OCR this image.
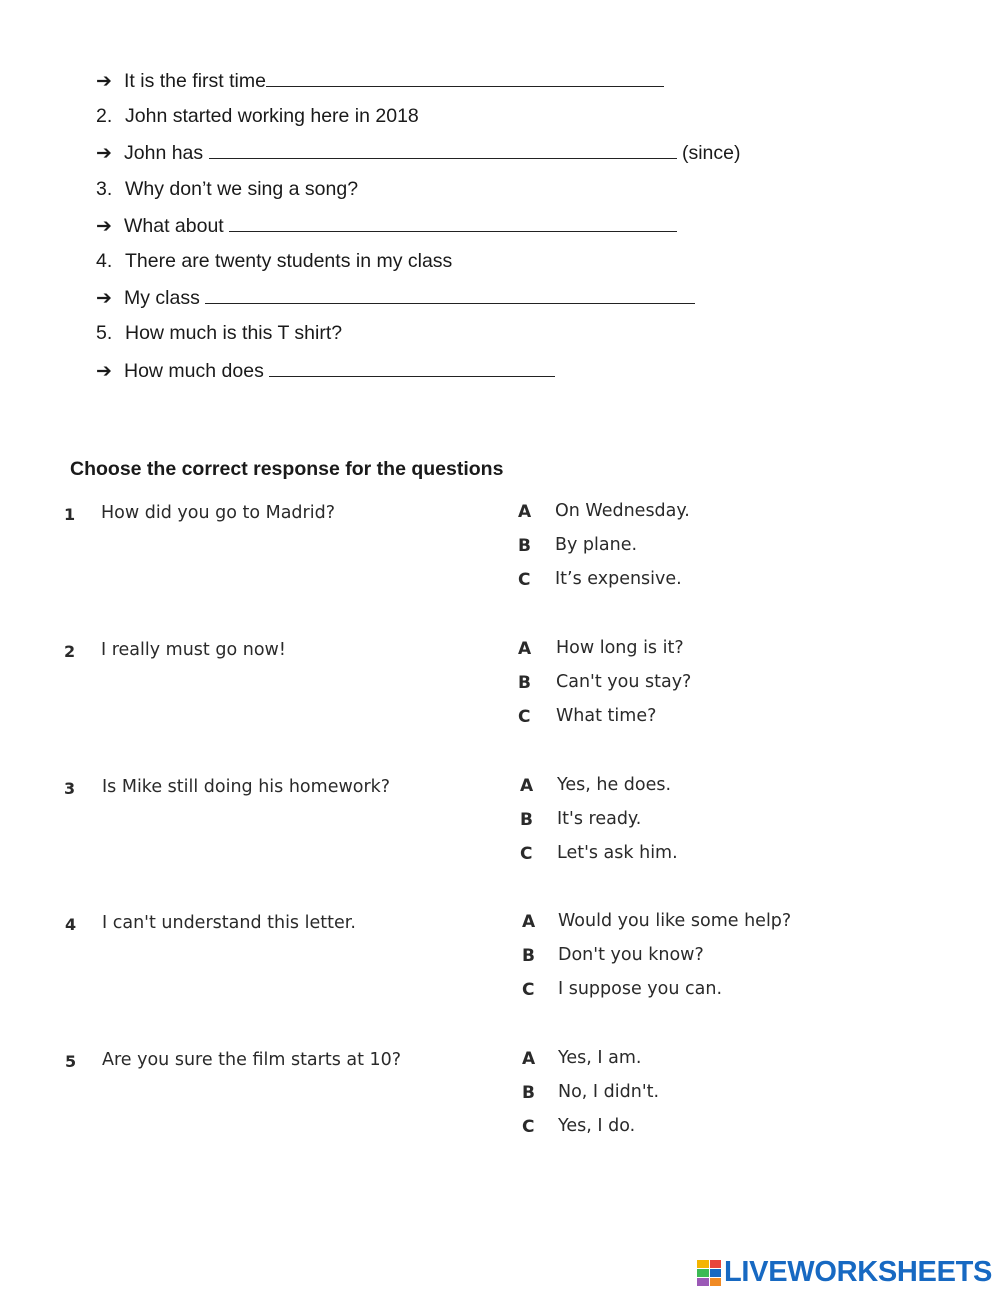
➔ It is the first time
2. John started working here in 2018
➔ John has	(since)
3. Why don’t we sing a song?
➔ What about
4. There are twenty students in my class
➔ My class
5. How much is this T shirt?
➔ How much does
Choose the correct response for the questions
1 How did you go to Madrid?	A On Wednesday.
B By plane.
C It’s expensive.
2 I really must go now!	A How long is it?
B Can't you stay?
C What time?
3 Is Mike still doing his homework?	A Yes, he does.
B It's ready.
C Let's ask him.
4 I can't understand this letter.	A Would you like some help?
B Don't you know?
C I suppose you can.
5 Are you sure the film starts at 10?	A Yes, I am.
B No, I didn't.
C Yes, I do.
LIVEWORKSHEETS
